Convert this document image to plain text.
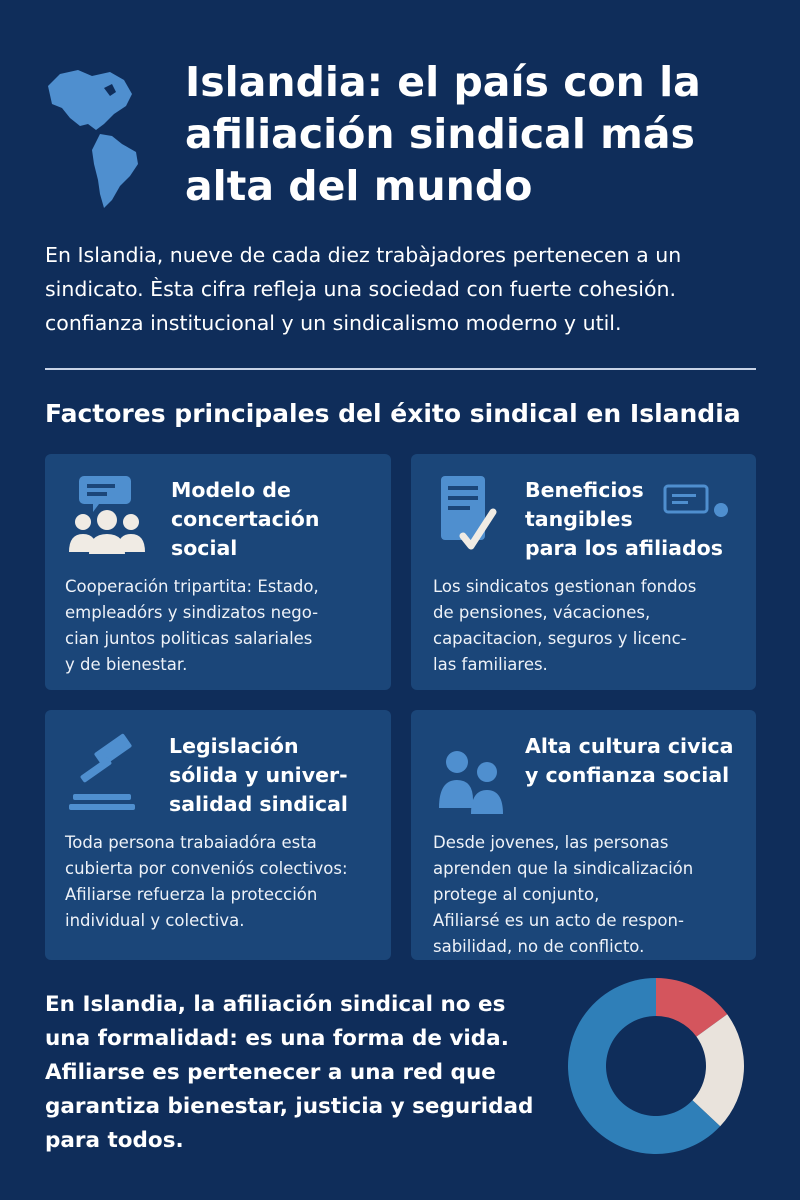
Islandia: el país con la
afiliación sindical más
alta del mundo

En Islandia, nueve de cada diez trabàjadores pertenecen a un
sindicato. Èsta cifra refleja una sociedad con fuerte cohesión.
confianza institucional y un sindicalismo moderno y util.

Factores principales del éxito sindical en Islandia

Modelo de
concertación
social

Cooperación tripartita: Estado,
empleadórs y sindizatos nego-
cian juntos politicas salariales
y de bienestar.

Beneficios
tangibles
para los afiliados

Los sindicatos gestionan fondos
de pensiones, vácaciones,
capacitacion, seguros y licenc-
las familiares.

Legislación
sólida y univer-
salidad sindical

Toda persona trabaiadóra esta
cubierta por conveniós colectivos:
Afiliarse refuerza la protección
individual y colectiva.

Alta cultura civica
y confianza social

Desde jovenes, las personas
aprenden que la sindicalización
protege al conjunto,
Afiliarsé es un acto de respon-
sabilidad, no de conflicto.

En Islandia, la afiliación sindical no es
una formalidad: es una forma de vida.
Afiliarse es pertenecer a una red que
garantiza bienestar, justicia y seguridad
para todos.
